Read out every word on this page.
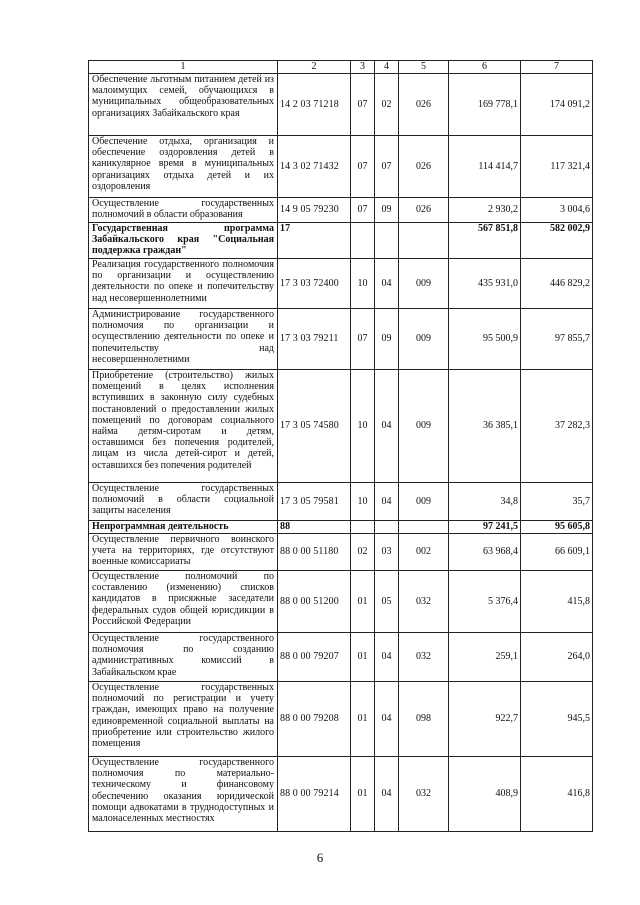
1	2	3	4	5	6	7
Обеспечение льготным питанием детей из малоимущих семей, обучающихся в муниципальных общеобразовательных организациях Забайкальского края	14 2 03 71218	07	02	026	169 778,1	174 091,2
Обеспечение отдыха, организация и обеспечение оздоровления детей в каникулярное время в муниципальных организациях отдыха детей и их оздоровления	14 3 02 71432	07	07	026	114 414,7	117 321,4
Осуществление государственных полномочий в области образования	14 9 05 79230	07	09	026	2 930,2	3 004,6
Государственная программа Забайкальского края "Социальная поддержка граждан"	17				567 851,8	582 002,9
Реализация государственного полномочия по организации и осуществлению деятельности по опеке и попечительству над несовершеннолетними	17 3 03 72400	10	04	009	435 931,0	446 829,2
Администрирование государственного полномочия по организации и осуществлению деятельности по опеке и попечительству над несовершеннолетними	17 3 03 79211	07	09	009	95 500,9	97 855,7
Приобретение (строительство) жилых помещений в целях исполнения вступивших в законную силу судебных постановлений о предоставлении жилых помещений по договорам социального найма детям-сиротам и детям, оставшимся без попечения родителей, лицам из числа детей-сирот и детей, оставшихся без попечения родителей	17 3 05 74580	10	04	009	36 385,1	37 282,3
Осуществление государственных полномочий в области социальной защиты населения	17 3 05 79581	10	04	009	34,8	35,7
Непрограммная деятельность	88				97 241,5	95 605,8
Осуществление первичного воинского учета на территориях, где отсутствуют военные комиссариаты	88 0 00 51180	02	03	002	63 968,4	66 609,1
Осуществление полномочий по составлению (изменению) списков кандидатов в присяжные заседатели федеральных судов общей юрисдикции в Российской Федерации	88 0 00 51200	01	05	032	5 376,4	415,8
Осуществление государственного полномочия по созданию административных комиссий в Забайкальском крае	88 0 00 79207	01	04	032	259,1	264,0
Осуществление государственных полномочий по регистрации и учету граждан, имеющих право на получение единовременной социальной выплаты на приобретение или строительство жилого помещения	88 0 00 79208	01	04	098	922,7	945,5
Осуществление государственного полномочия по материально-техническому и финансовому обеспечению оказания юридической помощи адвокатами в труднодоступных и малонаселенных местностях	88 0 00 79214	01	04	032	408,9	416,8
6
